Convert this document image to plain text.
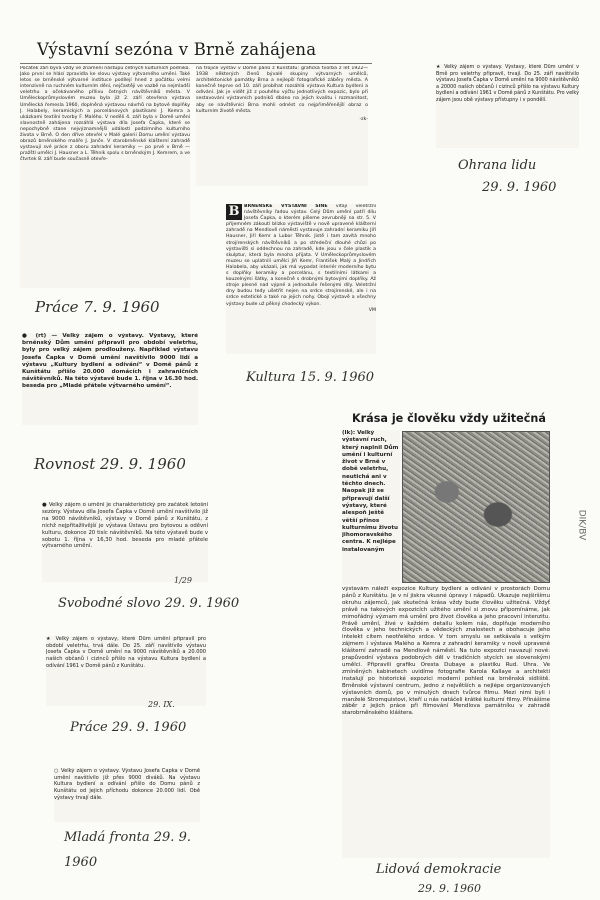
Výstavní sezóna v Brně zahájena

Počátek září bývá vždy ve znamení nástupu četných kulturních podniků. Jako první se hlásí zpravidla ke slovu výstavy výtvarného umění. Také letos se brněnské výtvarné instituce podílejí hned z počátku velmi intenzívně na ruchném kulturním dění, nejčastěji ve vazbě na nejmladší veletrhu a očekávaného přílivu četných návštěvníků města. V Uměleckoprůmyslovém muzeu byla již 2. září otevřena výstava Umělecká řemesla 1960, doplněná výstavou návrhů na bytové doplňky J. Halabely, keramických a porcelánových plastikami J. Kemra a ukázkami textilní tvorby F. Malého. V neděli 4. září byla v Domě umění slavnostně zahájena rozsáhlá výstava díla Josefa Čapka, které se nepochybně stane nejvýznamnější událostí podzimního kulturního života v Brně. O den dříve otevřel v Malé galerii Domu umění výstavu obrazů brněnského malíře J. Janče. V starobrněnské klášterní zahradě vystavují své práce z oboru zahradní keramiky — po prvé v Brně — pražští umělci J. Hausner a L. Těhník spolu s brněnským J. Kemrem, a ve čtvrtek 8. září bude současně otevře-

na trojice výstav v Domě pánů z Kunštátu: grafická tvorba z let 1922—1938 některých členů bývalé skupiny výtvarných umělců, architektonické památky Brna a nejlepší fotografické záběry města. A konečně teprve od 10. září probíhat rozsáhlá výstava Kultura bydlení a odívání. Jak je vidět již z pouhého výčtu jednotlivých expozic, bylo při sestavování výstavních podniků dbáno na jejich kvalitu i rozmanitost, aby se návštěvníci Brna mohli odnést co nejpřiměřenější obraz o kulturním životě města.

-zk-

Práce 7. 9. 1960

● (rt) — Velký zájem o výstavy. Výstavy, které brněnský Dům umění připravil pro období veletrhu, byly pro velký zájem prodlouženy. Například výstavu Josefa Čapka v Domě umění navštívilo 9000 lidí a výstavu „Kultury bydlení a odívání“ v Domě pánů z Kunštátu přišlo 20.000 domácích i zahraničních návštěvníků. Na této výstavě bude 1. října v 16.30 hod. beseda pro „Mladé přátele výtvarného umění“.

Rovnost 29. 9. 1960

● Velký zájem o umění je charakteristický pro začátek letošní sezóny. Výstavu díla Josefa Čapka v Domě umění navštívilo již na 9000 návštěvníků, výstavy v Domě pánů z Kunštátu, z nichž nejpřitažlivější je výstava Ústavu pro bytovou a oděvní kulturu, dokonce 20 tisíc návštěvníků. Na této výstavě bude v sobotu 1. října v 16,30 hod. beseda pro mladé přátele výtvarného umění.

1/29
Svobodné slovo 29. 9. 1960

★ Velký zájem o výstavy, které Dům umění připravil pro období veletrhu, trvá dále. Do 25. září navštívilo výstavu Josefa Čapka v Domě umění na 9000 návštěvníků a 20.000 našich občanů i cizinců přišlo na výstavu Kultura bydlení a odívání 1961 v Domě pánů z Kunštátu.

29. IX.
Práce 29. 9. 1960

○ Velký zájem o výstavy. Výstavu Josefa Čapka v Domě umění navštívilo již přes 9000 diváků. Na výstavu Kultura bydlení a odívání přišlo do Domu pánů z Kunštátu od jejich příchodu dokonce 20.000 lidí. Obě výstavy trvají dále.

Mladá fronta 29. 9. 1960

★ Velký zájem o výstavy. Výstavy, které Dům umění v Brně pro veletrhy připravil, trvají. Do 25. září navštívilo výstavu Josefa Čapka v Domě umění na 9000 návštěvníků a 20000 našich občanů i cizinců přišlo na výstavu Kultury bydlení a odívání 1961 v Domě pánů z Kunštátu. Pro velký zájem jsou obě výstavy přístupny i v pondělí.

Ohrana lidu
29. 9. 1960
B BRNĚNSKÉ VÝSTAVNÍ SÍNĚ vítají veletržní návštěvníky řadou výstav. Celý Dům umění patří dílu Josefa Čapka, o kterém píšeme zevrubněji na str. 5. V příjemném zákoutí blízko výstaviště v nově upravené klášterní zahradě na Mendlově náměstí vystavuje zahradní keramiku Jiří Hausner, Jiří Kemr a Lubor Těhník. Jistě i tam zavítá mnoho strojírenských návštěvníků a po středeční dlouhé chůzi po výstavišti si oddechnou na zahradě, kde jsou v čele plastik a skulptur, která byla mnoha přijata. V Uměleckoprůmyslovém muzeu se uplatnili umělci Jiří Kemr, František Malý a Jindřich Halabela, aby ukázali, jak má vypadat interiér moderního bytu s doplňky keramiky a porcelánu, s textilními látkami a kouzelnými šátky, a konečně s drobnými bytovými doplňky. Až stroje plesné nad výpné a jednoduše řešenými díly. Veletržní dny budou tedy ušetřit nejen na srdce strojírenské, ale i na srdce estetické a také na jejich nohy. Obojí výstavě a všechny výstavy bude už pěkný chodecký výkon.

VM

Kultura 15. 9. 1960
Krása je člověku vždy užitečná

(Ik): Velký výstavní ruch, který naplnil Dům umění i kulturní život v Brně v době veletrhu, neutichá ani v těchto dnech. Naopak již se připravují další výstavy, které alespoň ještě větší přínos kulturnímu životu jihomoravského centra. K nejlépe instalovaným

výstavám náleží expozice Kultury bydlení a odívání v prostorách Domu pánů z Kunštátu. Je v ní jiskra vkusné úpravy i nápadů. Ukazuje nejširšímu okruhu zájemců, jak skutečná krása vždy bude člověku užitečná. Vždyť právě na takových expozicích užitého umění si znovu připomínáme, jak mimořádný význam má umění pro život člověka a jeho pracovní intenzitu. Právě umění, žívé v každém detailu kolem nás, doplňuje moderního člověka v jeho technických a vědeckých znalostech a obohacuje jeho intelekt citem neotřelého srdce. V tom smyslu se setkávala s velkým zájmem i výstava Malého a Kemra z zahradní keramiky v nově upravené klášterní zahradě na Mendlově náměstí. Na tuto expozici navazují nové: prapůvodní výstava podobných děl v tradičních stycích se slovenskými umělci. Připravili grafiku Oresta Dubaye a plastiku Rud. Uhra. Ve zmíněných kabinetech uvidíme fotografie Karola Kallaye a architekti instalují po historické expozici moderní pohled na brněnská sídliště. Brněnské výstavní centrum, jedno z největších a nejlépe organizovaných výstavních domů, po v minulých dnech tvůrce filmu. Mezi nimi byli i manželé Stromquistovi, kteří u nás natáčeli krátké kulturní filmy. Přinášíme záběr z jejich práce při filmování Mendlova památníku v zahradě starobrněnského kláštera.

Lidová demokracie
29. 9. 1960
DIK/BV
